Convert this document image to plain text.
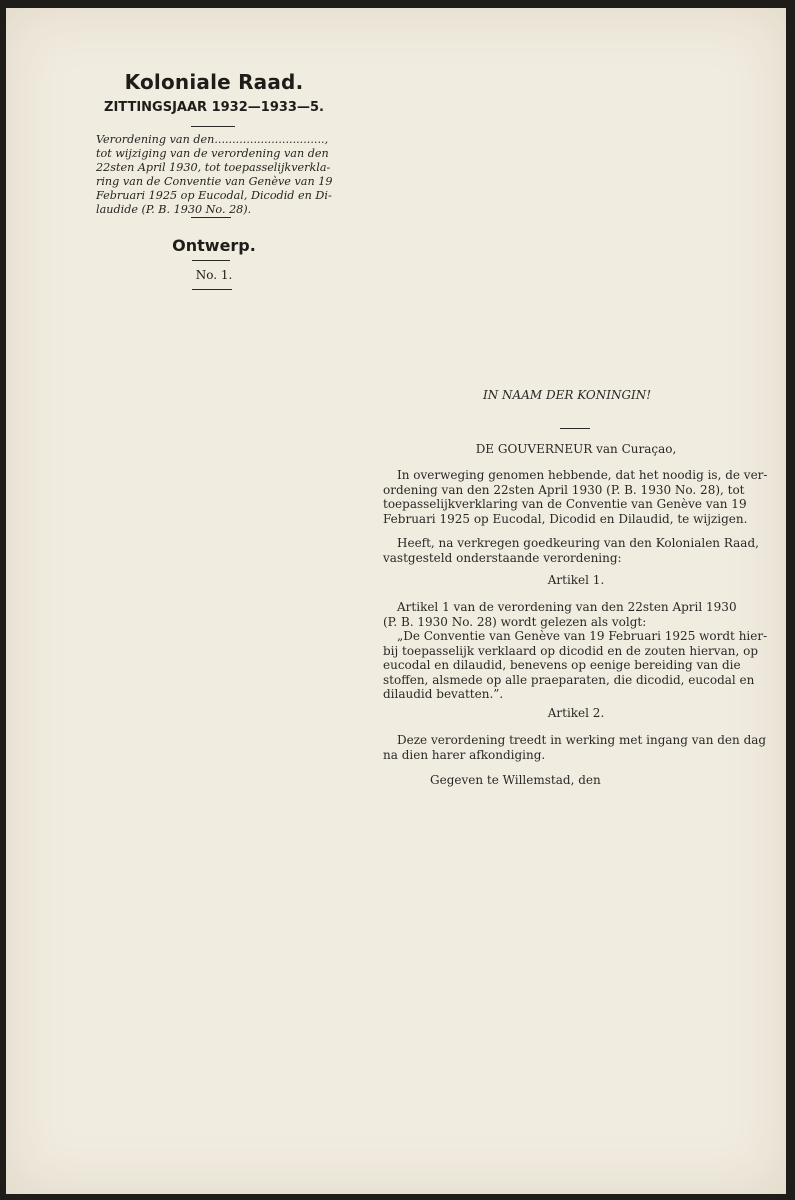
Koloniale Raad.
ZITTINGSJAAR 1932—1933—5.
Verordening van den...............................,
tot wijziging van de verordening van den
22sten April 1930, tot toepasselijkverkla-
ring van de Conventie van Genève van 19
Februari 1925 op Eucodal, Dicodid en Di-
laudide (P. B. 1930 No. 28).
Ontwerp.
No. 1.
IN NAAM DER KONINGIN!
DE GOUVERNEUR van Curaçao,
In overweging genomen hebbende, dat het noodig is, de ver-
ordening van den 22sten April 1930 (P. B. 1930 No. 28), tot
toepasselijkverklaring van de Conventie van Genève van 19
Februari 1925 op Eucodal, Dicodid en Dilaudid, te wijzigen.
Heeft, na verkregen goedkeuring van den Kolonialen Raad,
vastgesteld onderstaande verordening:
Artikel 1.
Artikel 1 van de verordening van den 22sten April 1930
(P. B. 1930 No. 28) wordt gelezen als volgt:
„De Conventie van Genève van 19 Februari 1925 wordt hier-
bij toepasselijk verklaard op dicodid en de zouten hiervan, op
eucodal en dilaudid, benevens op eenige bereiding van die
stoffen, alsmede op alle praeparaten, die dicodid, eucodal en
dilaudid bevatten.”.
Artikel 2.
Deze verordening treedt in werking met ingang van den dag
na dien harer afkondiging.
Gegeven te Willemstad, den
